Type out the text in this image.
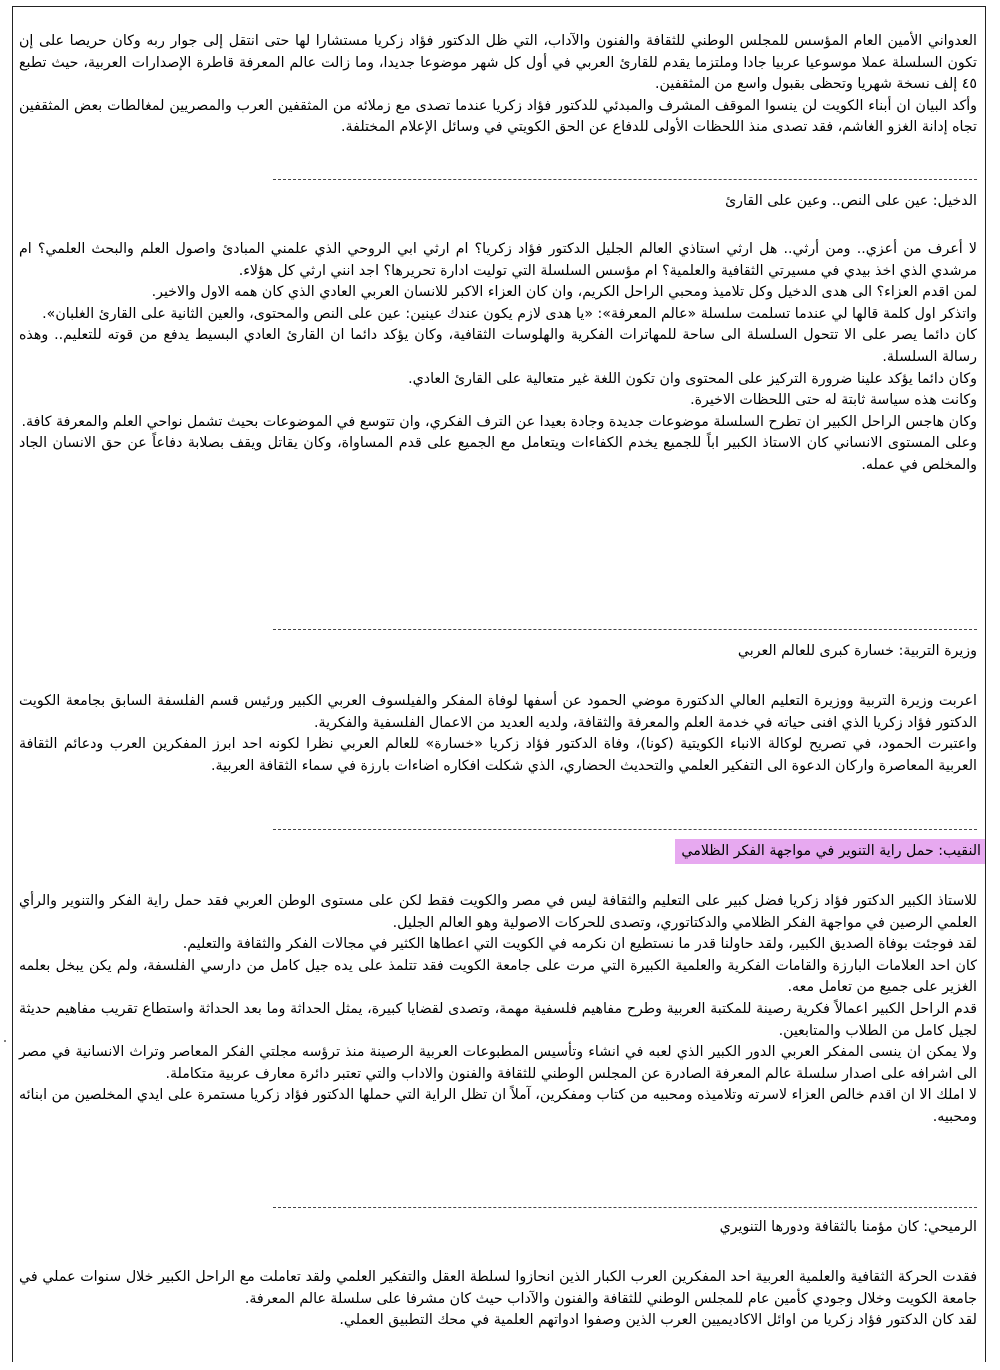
العدواني الأمين العام المؤسس للمجلس الوطني للثقافة والفنون والآداب، التي ظل الدكتور فؤاد زكريا مستشارا لها حتى انتقل إلى جوار ربه وكان حريصا على إن تكون السلسلة عملا موسوعيا عربيا جادا وملتزما يقدم للقارئ العربي في أول كل شهر موضوعا جديدا، وما زالت عالم المعرفة قاطرة الإصدارات العربية، حيث تطبع ٤٥ إلف نسخة شهريا وتحظى بقبول واسع من المثقفين.

وأكد البيان ان أبناء الكويت لن ينسوا الموقف المشرف والمبدئي للدكتور فؤاد زكريا عندما تصدى مع زملائه من المثقفين العرب والمصريين لمغالطات بعض المثقفين تجاه إدانة الغزو الغاشم، فقد تصدى منذ اللحظات الأولى للدفاع عن الحق الكويتي في وسائل الإعلام المختلفة.

الدخيل: عين على النص.. وعين على القارئ

لا أعرف من أعزي.. ومن أرثي.. هل ارثي استاذي العالم الجليل الدكتور فؤاد زكريا؟ ام ارثي ابي الروحي الذي علمني المبادئ واصول العلم والبحث العلمي؟ ام مرشدي الذي اخذ بيدي في مسيرتي الثقافية والعلمية؟ ام مؤسس السلسلة التي توليت ادارة تحريرها؟ اجد انني ارثي كل هؤلاء.

لمن اقدم العزاء؟ الى هدى الدخيل وكل تلاميذ ومحبي الراحل الكريم، وان كان العزاء الاكبر للانسان العربي العادي الذي كان همه الاول والاخير.

واتذكر اول كلمة قالها لي عندما تسلمت سلسلة «عالم المعرفة»: «يا هدى لازم يكون عندك عينين: عين على النص والمحتوى، والعين الثانية على القارئ الغلبان».

كان دائما يصر على الا تتحول السلسلة الى ساحة للمهاترات الفكرية والهلوسات الثقافية، وكان يؤكد دائما ان القارئ العادي البسيط يدفع من قوته للتعليم.. وهذه رسالة السلسلة.

وكان دائما يؤكد علينا ضرورة التركيز على المحتوى وان تكون اللغة غير متعالية على القارئ العادي.

وكانت هذه سياسة ثابتة له حتى اللحظات الاخيرة.

وكان هاجس الراحل الكبير ان تطرح السلسلة موضوعات جديدة وجادة بعيدا عن الترف الفكري، وان تتوسع في الموضوعات بحيث تشمل نواحي العلم والمعرفة كافة.

وعلى المستوى الانساني كان الاستاذ الكبير اباً للجميع يخدم الكفاءات ويتعامل مع الجميع على قدم المساواة، وكان يقاتل ويقف بصلابة دفاعاً عن حق الانسان الجاد والمخلص في عمله.

وزيرة التربية: خسارة كبرى للعالم العربي

اعربت وزيرة التربية ووزيرة التعليم العالي الدكتورة موضي الحمود عن أسفها لوفاة المفكر والفيلسوف العربي الكبير ورئيس قسم الفلسفة السابق بجامعة الكويت الدكتور فؤاد زكريا الذي افنى حياته في خدمة العلم والمعرفة والثقافة، ولديه العديد من الاعمال الفلسفية والفكرية.

واعتبرت الحمود، في تصريح لوكالة الانباء الكويتية (كونا)، وفاة الدكتور فؤاد زكريا «خسارة» للعالم العربي نظرا لكونه احد ابرز المفكرين العرب ودعائم الثقافة العربية المعاصرة واركان الدعوة الى التفكير العلمي والتحديث الحضاري، الذي شكلت افكاره اضاءات بارزة في سماء الثقافة العربية.

النقيب: حمل راية التنوير في مواجهة الفكر الظلامي

للاستاذ الكبير الدكتور فؤاد زكريا فضل كبير على التعليم والثقافة ليس في مصر والكويت فقط لكن على مستوى الوطن العربي فقد حمل راية الفكر والتنوير والرأي العلمي الرصين في مواجهة الفكر الظلامي والدكتاتوري، وتصدى للحركات الاصولية وهو العالم الجليل.

لقد فوجئت بوفاة الصديق الكبير، ولقد حاولنا قدر ما نستطيع ان نكرمه في الكويت التي اعطاها الكثير في مجالات الفكر والثقافة والتعليم.

كان احد العلامات البارزة والقامات الفكرية والعلمية الكبيرة التي مرت على جامعة الكويت فقد تتلمذ على يده جيل كامل من دارسي الفلسفة، ولم يكن يبخل بعلمه الغزير على جميع من تعامل معه.

قدم الراحل الكبير اعمالاً فكرية رصينة للمكتبة العربية وطرح مفاهيم فلسفية مهمة، وتصدى لقضايا كبيرة، يمثل الحداثة وما بعد الحداثة واستطاع تقريب مفاهيم حديثة لجيل كامل من الطلاب والمتابعين.

ولا يمكن ان ينسى المفكر العربي الدور الكبير الذي لعبه في انشاء وتأسيس المطبوعات العربية الرصينة منذ ترؤسه مجلتي الفكر المعاصر وتراث الانسانية في مصر الى اشرافه على اصدار سلسلة عالم المعرفة الصادرة عن المجلس الوطني للثقافة والفنون والاداب والتي تعتبر دائرة معارف عربية متكاملة.

لا املك الا ان اقدم خالص العزاء لاسرته وتلاميذه ومحبيه من كتاب ومفكرين، آملاً ان تظل الراية التي حملها الدكتور فؤاد زكريا مستمرة على ايدي المخلصين من ابنائه ومحبيه.

الرميحي: كان مؤمنا بالثقافة ودورها التنويري

فقدت الحركة الثقافية والعلمية العربية احد المفكرين العرب الكبار الذين انحازوا لسلطة العقل والتفكير العلمي ولقد تعاملت مع الراحل الكبير خلال سنوات عملي في جامعة الكويت وخلال وجودي كأمين عام للمجلس الوطني للثقافة والفنون والآداب حيث كان مشرفا على سلسلة عالم المعرفة.

لقد كان الدكتور فؤاد زكريا من اوائل الاكاديميين العرب الذين وصفوا ادواتهم العلمية في محك التطبيق العملي.
